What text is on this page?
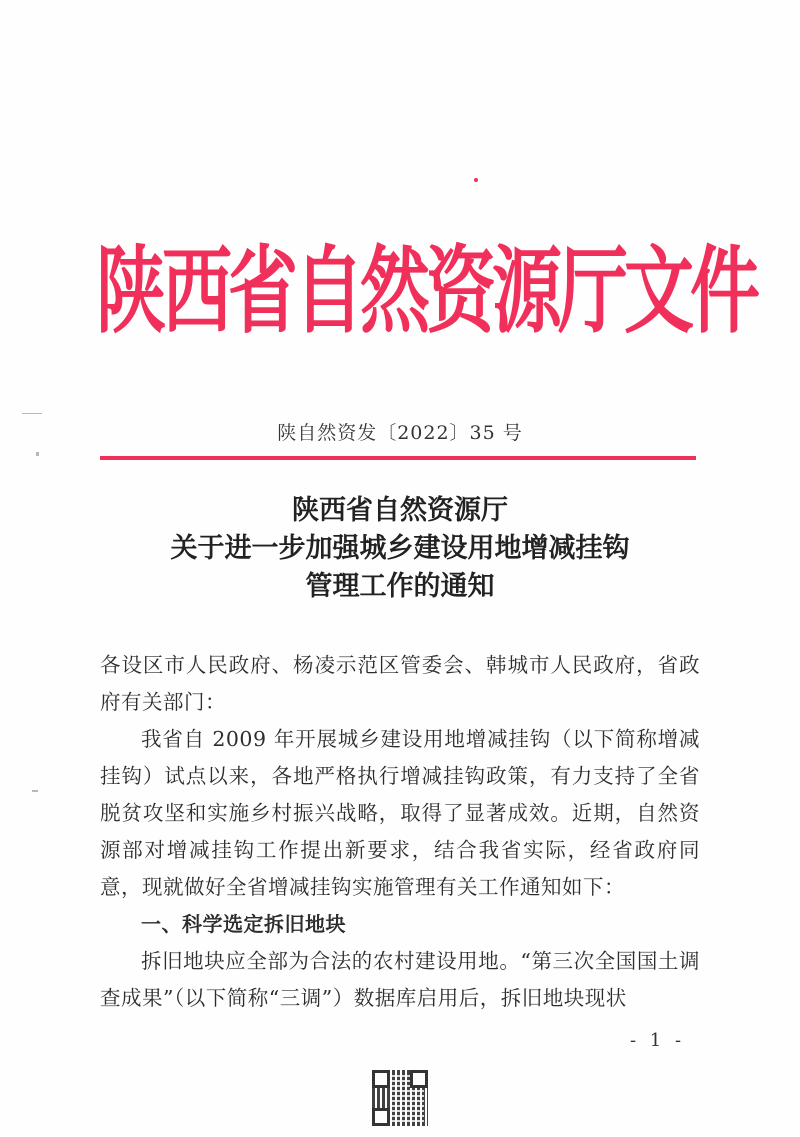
陕
西
省
自
然
资
源
厅
文
件
陕自然资发〔2022〕35 号
陕西省自然资源厅
关于进一步加强城乡建设用地增减挂钩
管理工作的通知

各设区市人民政府、杨凌示范区管委会、韩城市人民政府，省政府有关部门：

我省自 2009 年开展城乡建设用地增减挂钩（以下简称增减挂钩）试点以来，各地严格执行增减挂钩政策，有力支持了全省脱贫攻坚和实施乡村振兴战略，取得了显著成效。近期，自然资源部对增减挂钩工作提出新要求，结合我省实际，经省政府同意，现就做好全省增减挂钩实施管理有关工作通知如下：

一、科学选定拆旧地块

拆旧地块应全部为合法的农村建设用地。“第三次全国国土调查成果”（以下简称“三调”）数据库启用后，拆旧地块现状

- 1 -
